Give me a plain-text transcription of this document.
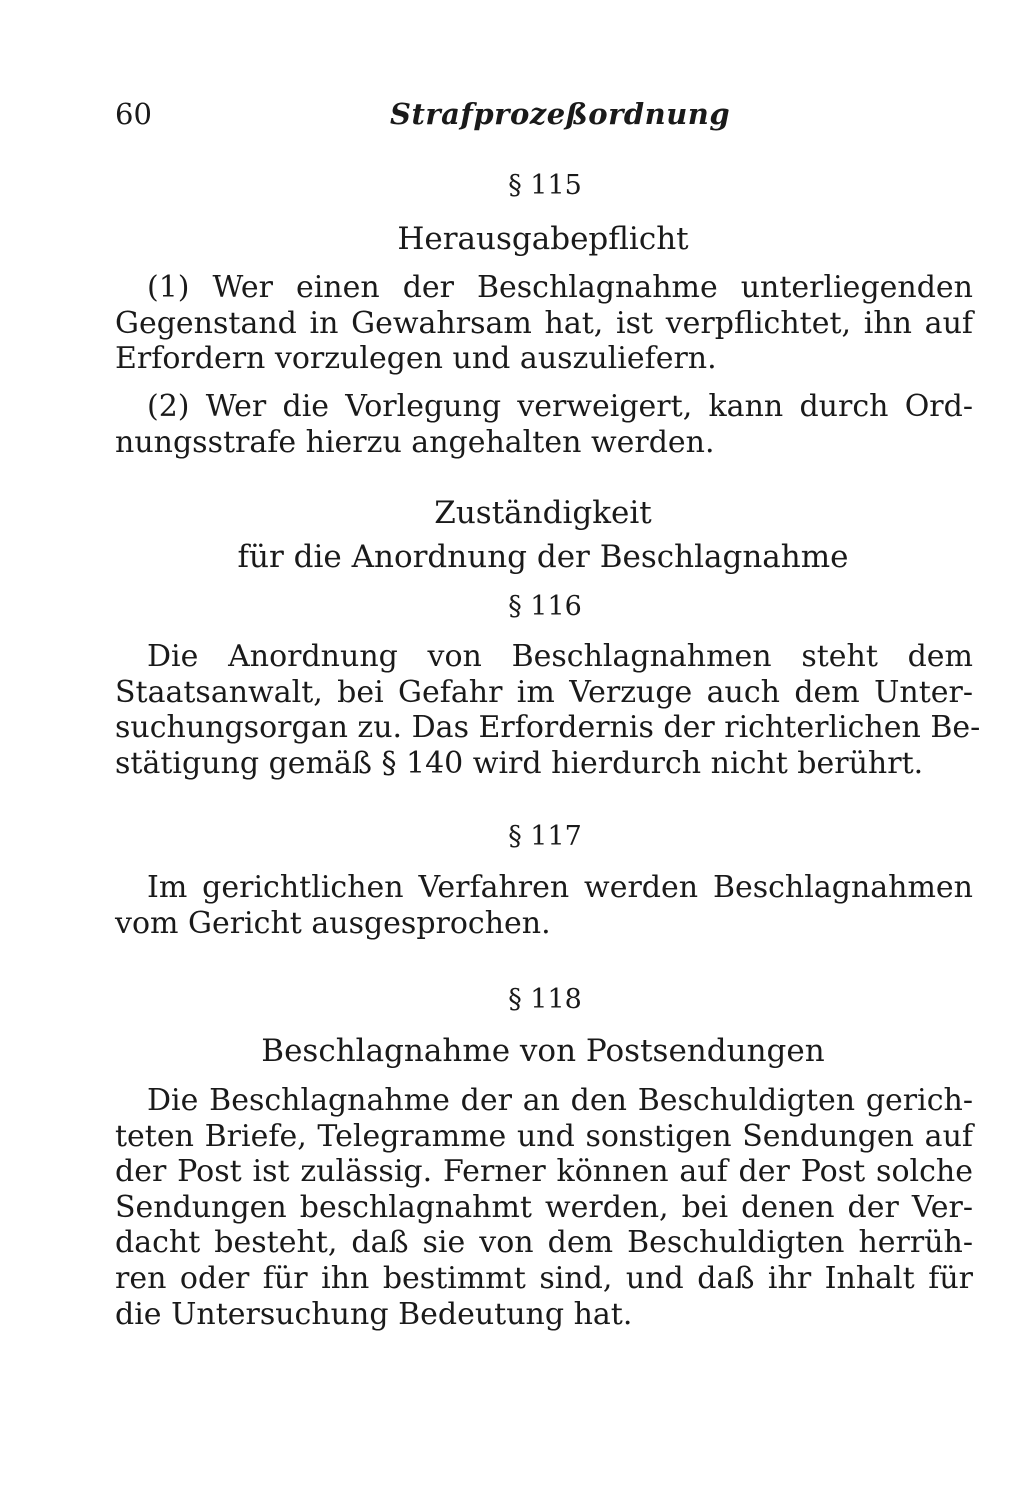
60	Strafprozeßordnung
§ 115
Herausgabepflicht
(1) Wer einen der Beschlagnahme unterliegenden
Gegenstand in Gewahrsam hat, ist verpflichtet, ihn auf
Erfordern vorzulegen und auszuliefern.
(2) Wer die Vorlegung verweigert, kann durch Ord-
nungsstrafe hierzu angehalten werden.
Zuständigkeit
für die Anordnung der Beschlagnahme
§ 116
Die Anordnung von Beschlagnahmen steht dem
Staatsanwalt, bei Gefahr im Verzuge auch dem Unter-
suchungsorgan zu. Das Erfordernis der richterlichen Be-
stätigung gemäß § 140 wird hierdurch nicht berührt.
§ 117
Im gerichtlichen Verfahren werden Beschlagnahmen
vom Gericht ausgesprochen.
§ 118
Beschlagnahme von Postsendungen
Die Beschlagnahme der an den Beschuldigten gerich-
teten Briefe, Telegramme und sonstigen Sendungen auf
der Post ist zulässig. Ferner können auf der Post solche
Sendungen beschlagnahmt werden, bei denen der Ver-
dacht besteht, daß sie von dem Beschuldigten herrüh-
ren oder für ihn bestimmt sind, und daß ihr Inhalt für
die Untersuchung Bedeutung hat.
